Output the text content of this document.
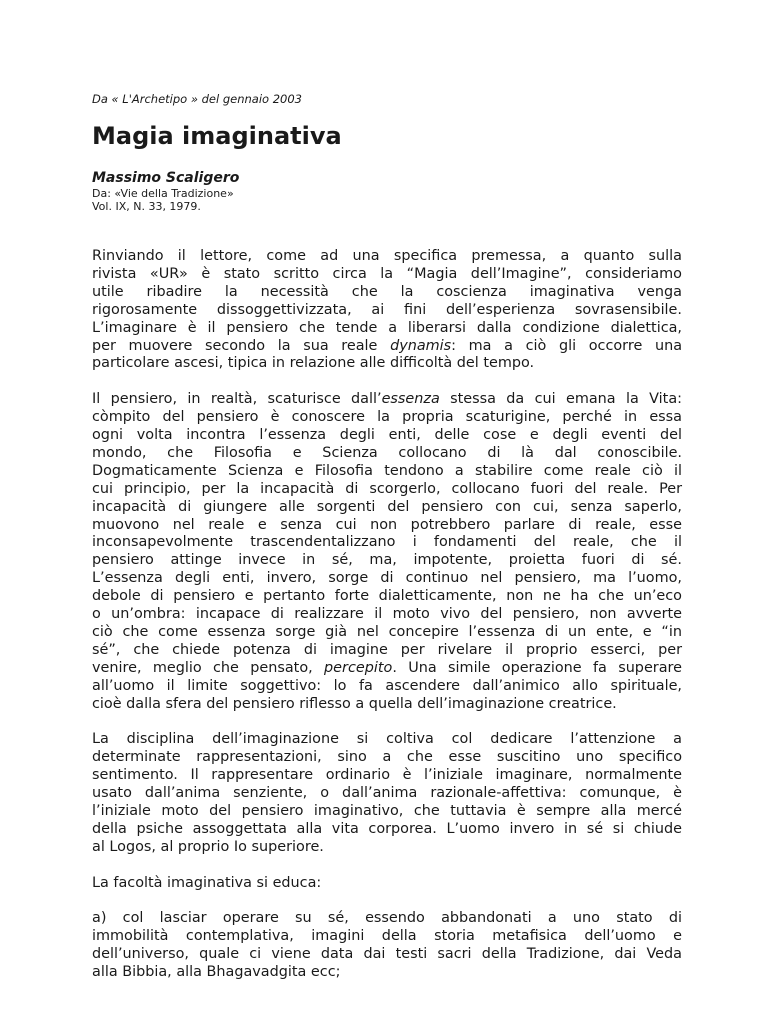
Da « L'Archetipo » del gennaio 2003
Magia imaginativa
Massimo Scaligero
Da: «Vie della Tradizione»
Vol. IX, N. 33, 1979.

Rinviando il lettore, come ad una specifica premessa, a quanto sulla
rivista «UR» è stato scritto circa la “Magia dell’Imagine”, consideriamo
utile ribadire la necessità che la coscienza imaginativa venga
rigorosamente dissoggettivizzata, ai fini dell’esperienza sovrasensibile.
L’imaginare è il pensiero che tende a liberarsi dalla condizione dialettica,
per muovere secondo la sua reale dynamis: ma a ciò gli occorre una
particolare ascesi, tipica in relazione alle difficoltà del tempo.

Il pensiero, in realtà, scaturisce dall’essenza stessa da cui emana la Vita:
còmpito del pensiero è conoscere la propria scaturigine, perché in essa
ogni volta incontra l’essenza degli enti, delle cose e degli eventi del
mondo, che Filosofia e Scienza collocano di là dal conoscibile.
Dogmaticamente Scienza e Filosofia tendono a stabilire come reale ciò il
cui principio, per la incapacità di scorgerlo, collocano fuori del reale. Per
incapacità di giungere alle sorgenti del pensiero con cui, senza saperlo,
muovono nel reale e senza cui non potrebbero parlare di reale, esse
inconsapevolmente trascendentalizzano i fondamenti del reale, che il
pensiero attinge invece in sé, ma, impotente, proietta fuori di sé.
L’essenza degli enti, invero, sorge di continuo nel pensiero, ma l’uomo,
debole di pensiero e pertanto forte dialetticamente, non ne ha che un’eco
o un’ombra: incapace di realizzare il moto vivo del pensiero, non avverte
ciò che come essenza sorge già nel concepire l’essenza di un ente, e “in
sé”, che chiede potenza di imagine per rivelare il proprio esserci, per
venire, meglio che pensato, percepito. Una simile operazione fa superare
all’uomo il limite soggettivo: lo fa ascendere dall’animico allo spirituale,
cioè dalla sfera del pensiero riflesso a quella dell’imaginazione creatrice.

La disciplina dell’imaginazione si coltiva col dedicare l’attenzione a
determinate rappresentazioni, sino a che esse suscitino uno specifico
sentimento. Il rappresentare ordinario è l’iniziale imaginare, normalmente
usato dall’anima senziente, o dall’anima razionale-affettiva: comunque, è
l’iniziale moto del pensiero imaginativo, che tuttavia è sempre alla mercé
della psiche assoggettata alla vita corporea. L’uomo invero in sé si chiude
al Logos, al proprio Io superiore.

La facoltà imaginativa si educa:

a) col lasciar operare su sé, essendo abbandonati a uno stato di
immobilità contemplativa, imagini della storia metafisica dell’uomo e
dell’universo, quale ci viene data dai testi sacri della Tradizione, dai Veda
alla Bibbia, alla Bhagavadgita ecc;
